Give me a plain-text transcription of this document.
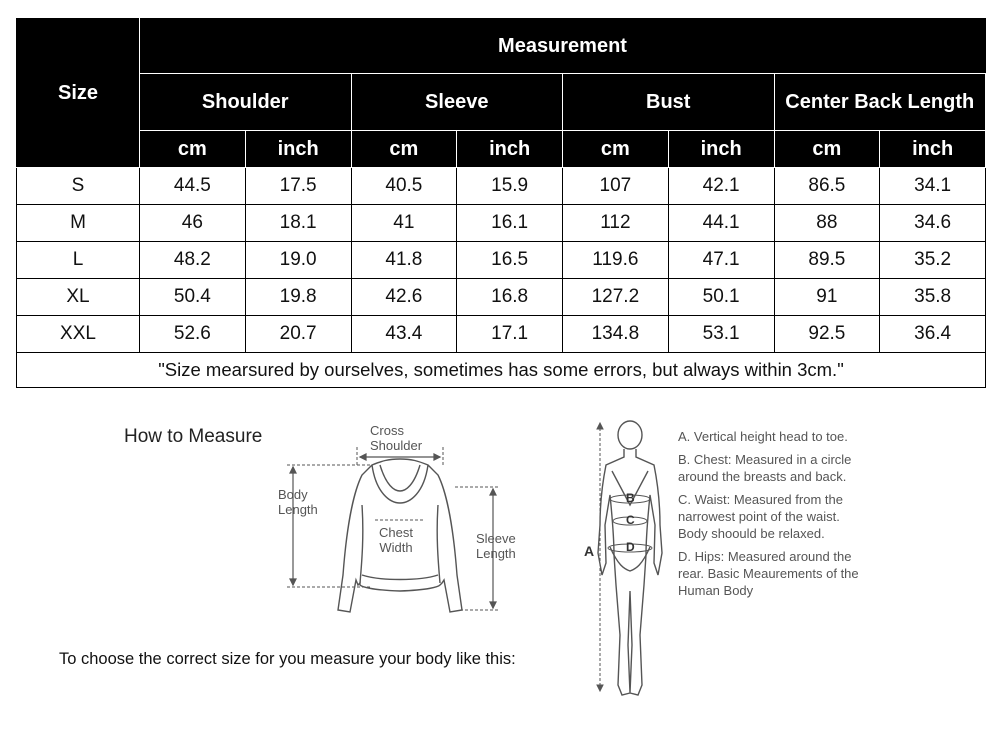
Size	Measurement							
	Shoulder		Sleeve		Bust		Center Back Length	
	cm	inch	cm	inch	cm	inch	cm	inch
S	44.5	17.5	40.5	15.9	107	42.1	86.5	34.1
M	46	18.1	41	16.1	112	44.1	88	34.6
L	48.2	19.0	41.8	16.5	119.6	47.1	89.5	35.2
XL	50.4	19.8	42.6	16.8	127.2	50.1	91	35.8
XXL	52.6	20.7	43.4	17.1	134.8	53.1	92.5	36.4
"Size mearsured by ourselves, sometimes has some errors, but always within 3cm."								
How to Measure	Cross
Shoulder
Body
Length
Chest
Width
Sleeve
Length	A
B
C
D
A. Vertical height head to toe.
B. Chest: Measured in a circle around the breasts and back.
C. Waist: Measured from the narrowest point of the waist. Body shoould be relaxed.
D. Hips: Measured around the rear. Basic Meaurements of the Human Body
To choose the correct size for you measure your body like this:
